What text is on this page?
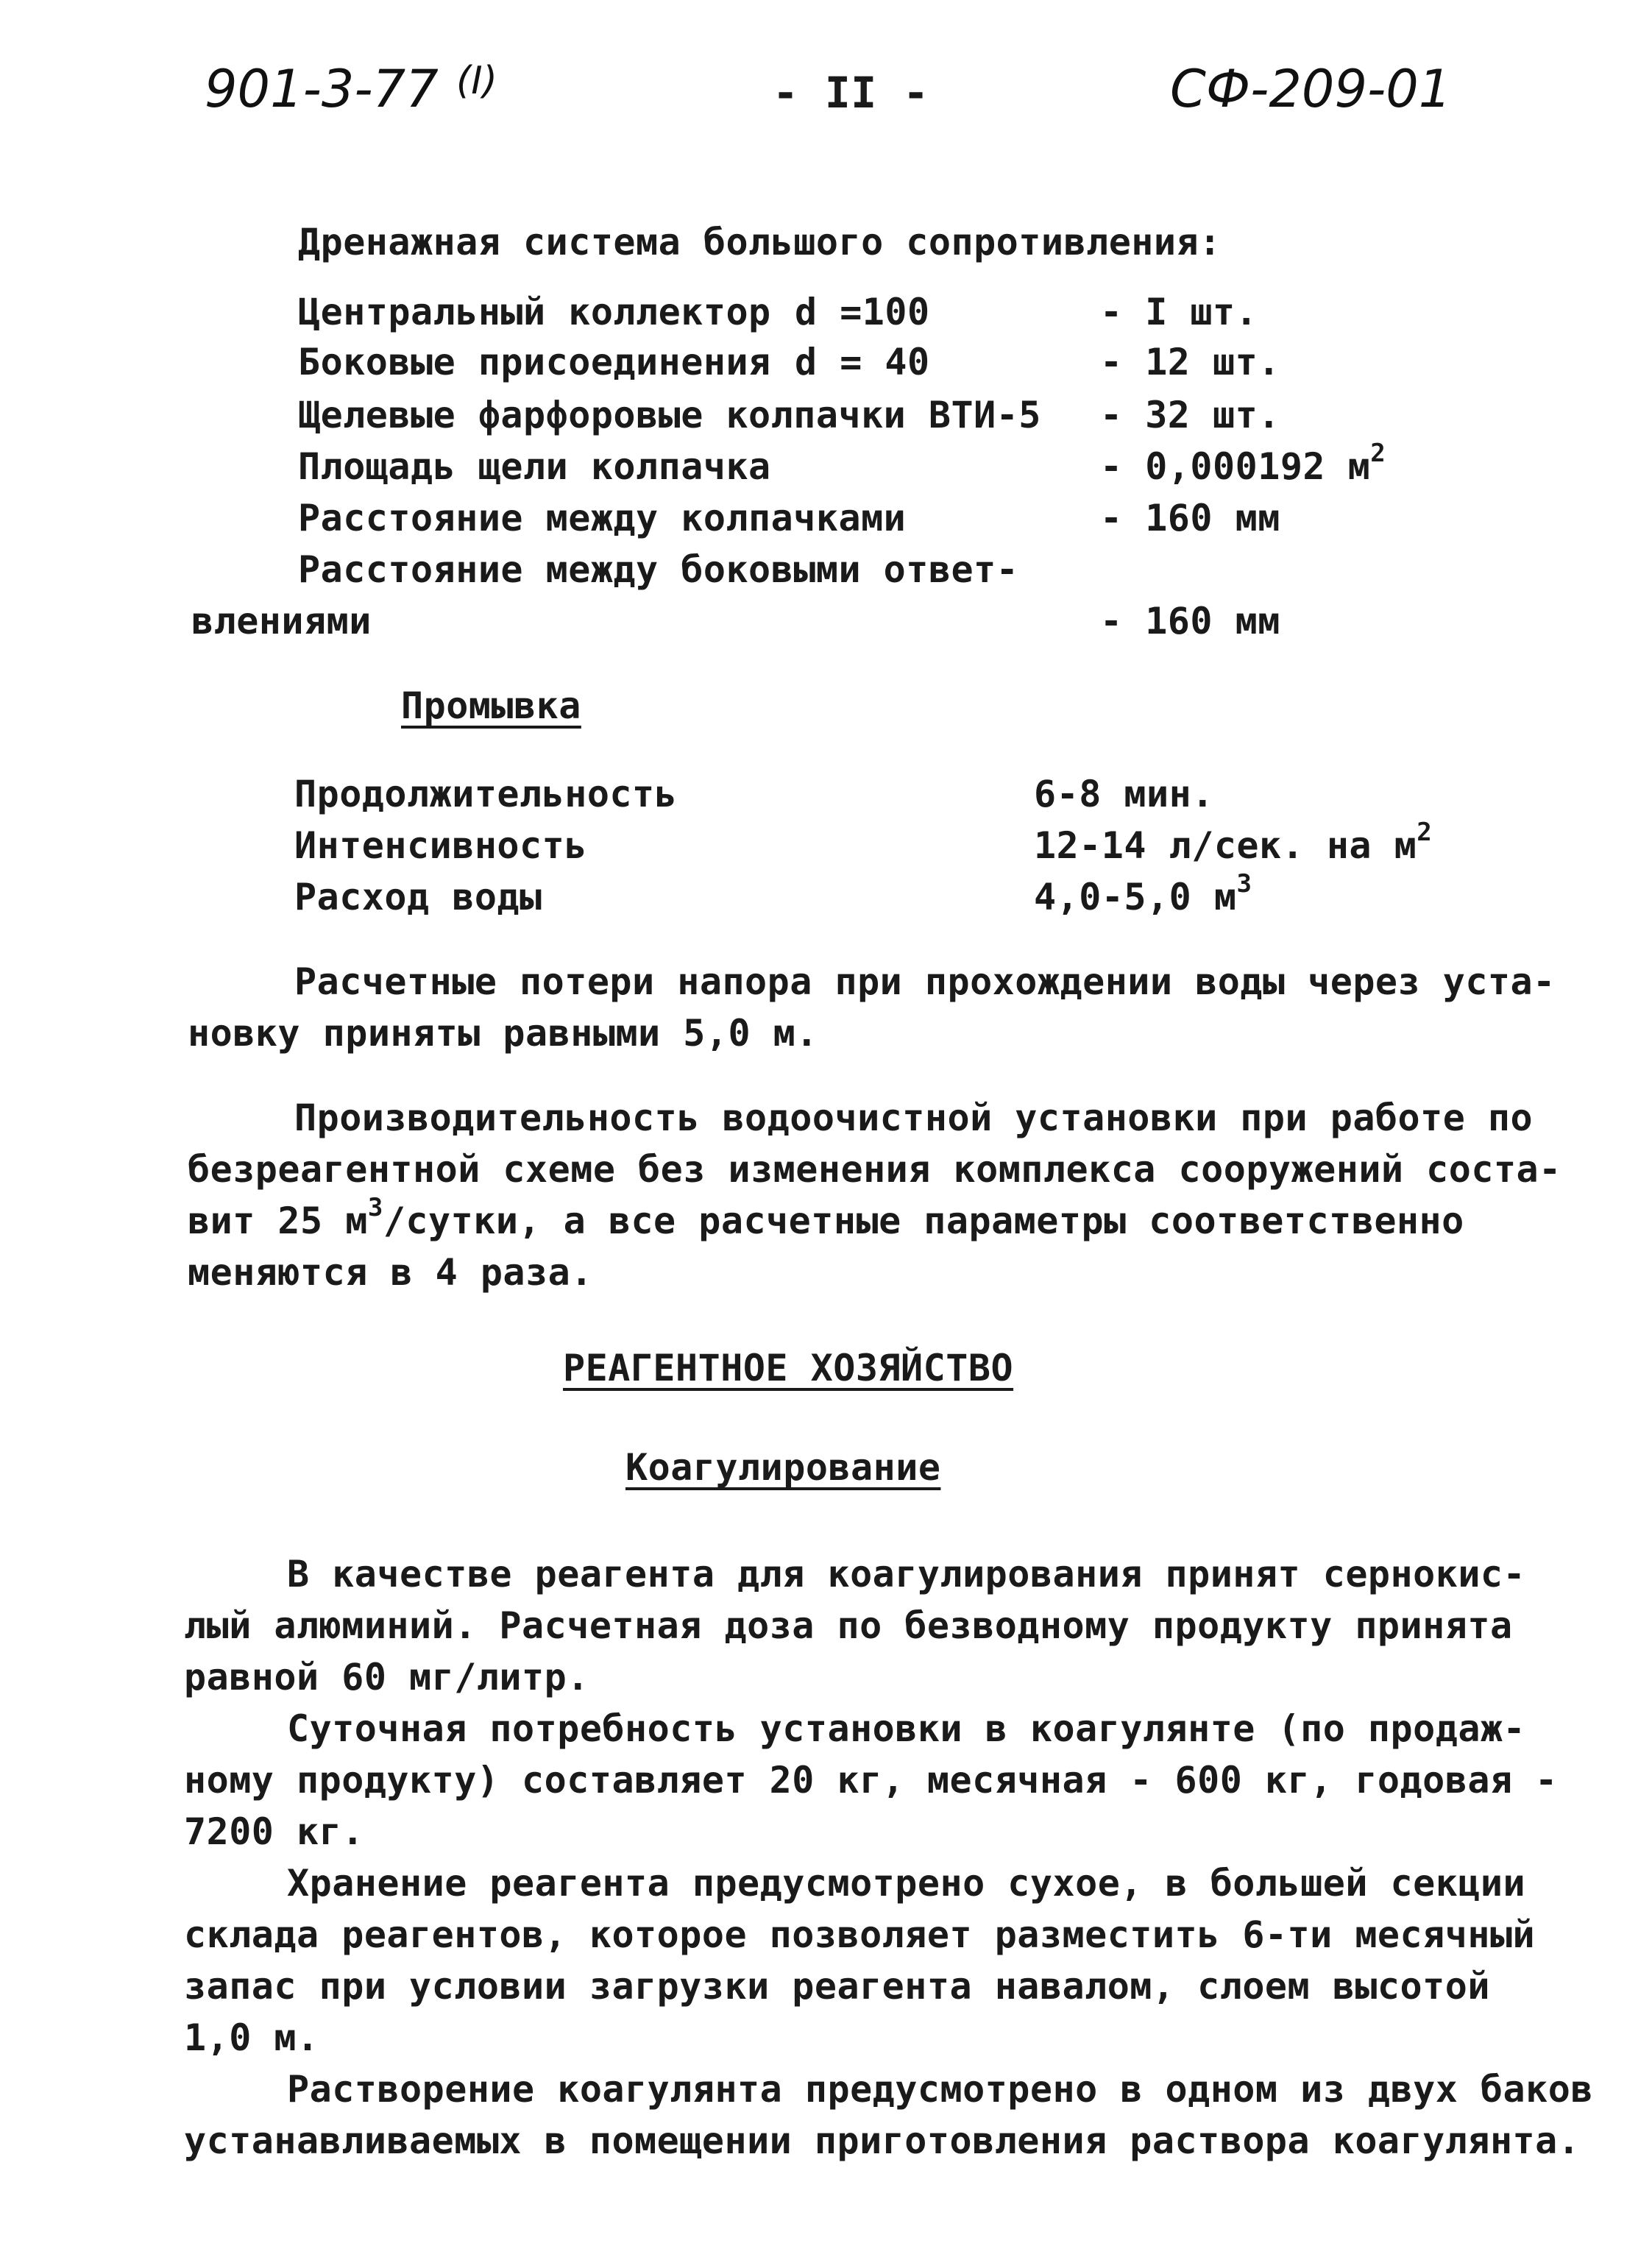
901-3-77 (I)	- II -	СФ-209-01
Дренажная система большого сопротивления:
Центральный коллектор d =100	- I шт.
Боковые присоединения d = 40	- 12 шт.
Щелевые фарфоровые колпачки ВТИ-5 - 32 шт.
Площадь щели колпачка	- 0,000192 $м^2$
Расстояние между колпачками	- 160 мм
Расстояние между боковыми ответ-
влениями	- 160 мм
Промывка
Продолжительность	6-8 мин.
Интенсивность	12-14 л/сек. на $м^2$
Расход воды	4,0-5,0 $м^3$
Расчетные потери напора при прохождении воды через уста-
новку приняты равными 5,0 м.
Производительность водоочистной установки при работе по
безреагентной схеме без изменения комплекса сооружений соста-
вит 25 $м^3$/сутки, а все расчетные параметры соответственно
меняются в 4 раза.
РЕАГЕНТНОЕ ХОЗЯЙСТВО
Коагулирование
В качестве реагента для коагулирования принят сернокис-
лый алюминий. Расчетная доза по безводному продукту принята
равной 60 мг/литр.
Суточная потребность установки в коагулянте (по продаж-
ному продукту) составляет 20 кг, месячная - 600 кг, годовая -
7200 кг.
Хранение реагента предусмотрено сухое, в большей секции
склада реагентов, которое позволяет разместить 6-ти месячный
запас при условии загрузки реагента навалом, слоем высотой
1,0 м.
Растворение коагулянта предусмотрено в одном из двух баков
устанавливаемых в помещении приготовления раствора коагулянта.
